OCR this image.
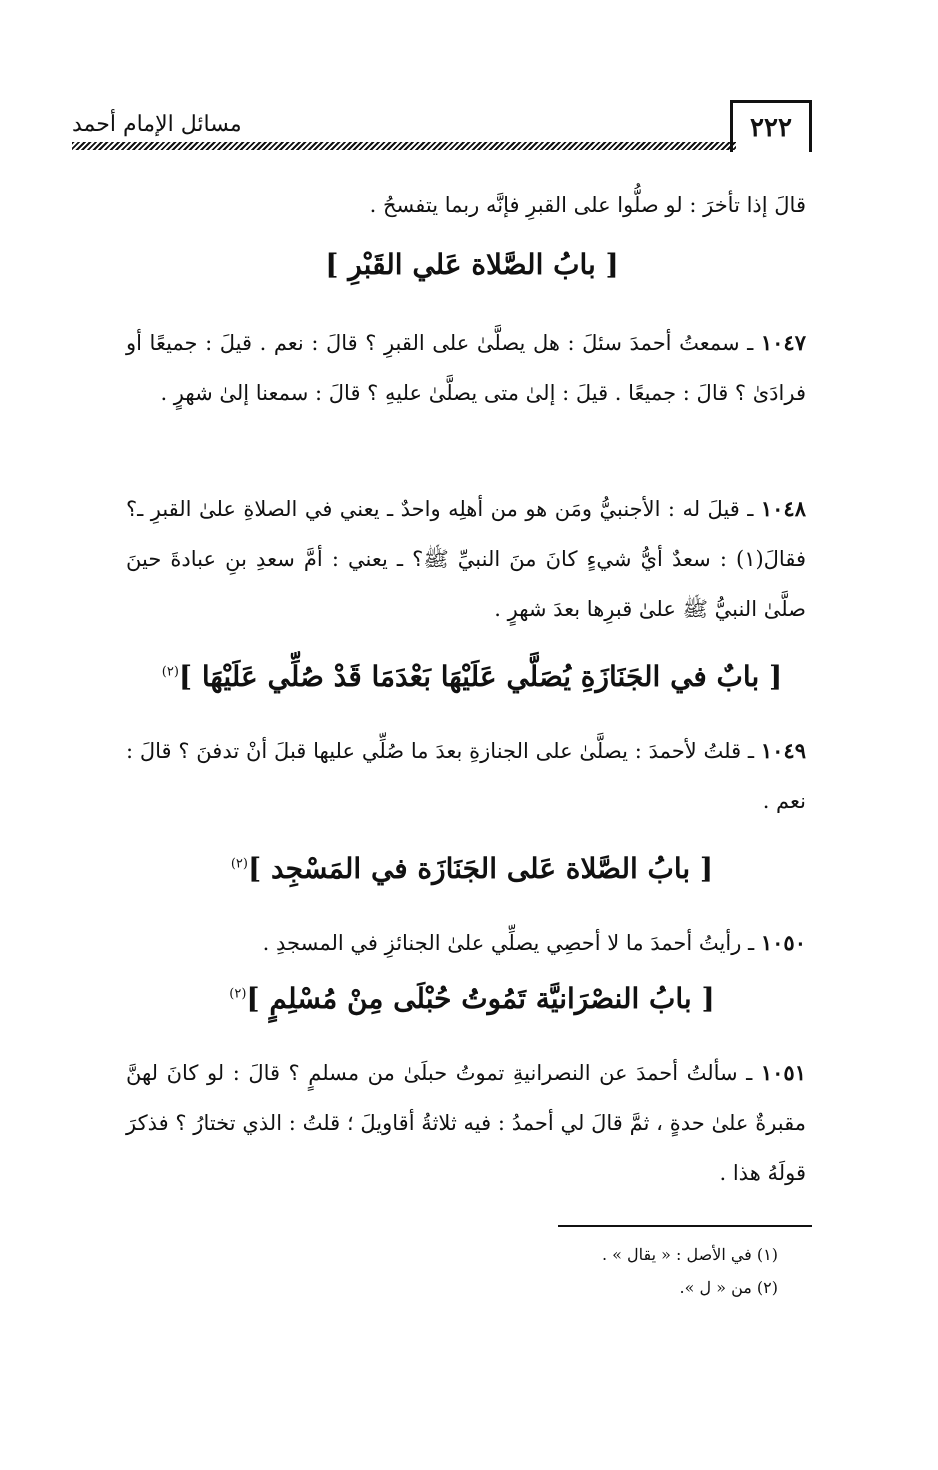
مسائل الإمام أحمد	٢٢٢

قالَ إذا تأخرَ : لو صلُّوا على القبرِ فإنَّه ربما يتفسحُ .

[ بابُ الصَّلاة عَلي القَبْرِ ]

١٠٤٧ ـ سمعتُ أحمدَ سئلَ : هل يصلَّىٰ على القبرِ ؟ قالَ : نعم . قيلَ : جميعًا أو فرادَىٰ ؟ قالَ : جميعًا . قيلَ : إلىٰ متى يصلَّىٰ عليهِ ؟ قالَ : سمعنا إلىٰ شهرٍ .

١٠٤٨ ـ قيلَ له : الأجنبيُّ ومَن هو من أهلِه واحدٌ ـ يعني في الصلاةِ علىٰ القبرِ ـ؟ فقالَ(١) : سعدٌ أيُّ شيءٍ كانَ منَ النبيِّ ﷺ؟ ـ يعني : أمَّ سعدِ بنِ عبادةَ حينَ صلَّىٰ النبيُّ ﷺ علىٰ قبرِها بعدَ شهرٍ .

[ بابٌ في الجَنَازَةِ يُصَلَّي عَلَيْهَا بَعْدَمَا قَدْ صُلِّي عَلَيْهَا ]$^{(٢)}$

١٠٤٩ ـ قلتُ لأحمدَ : يصلَّىٰ على الجنازةِ بعدَ ما صُلِّي عليها قبلَ أنْ تدفنَ ؟ قالَ : نعم .

[ بابُ الصَّلاة عَلى الجَنَازَة في المَسْجِد ]$^{(٢)}$

١٠٥٠ ـ رأيتُ أحمدَ ما لا أحصِي يصلِّي علىٰ الجنائزِ في المسجدِ .

[ بابُ النصْرَانيَّة تَمُوتُ حُبْلَى مِنْ مُسْلِمٍ ]$^{(٢)}$

١٠٥١ ـ سألتُ أحمدَ عن النصرانيةِ تموتُ حبلَىٰ من مسلمٍ ؟ قالَ : لو كانَ لهنَّ مقبرةٌ علىٰ حدةٍ ، ثمَّ قالَ لي أحمدُ : فيه ثلاثةُ أقاويلَ ؛ قلتُ : الذي تختارُ ؟ فذكرَ قولَهُ هذا .

(١) في الأصل : « يقال » .

(٢) من « ل ».
